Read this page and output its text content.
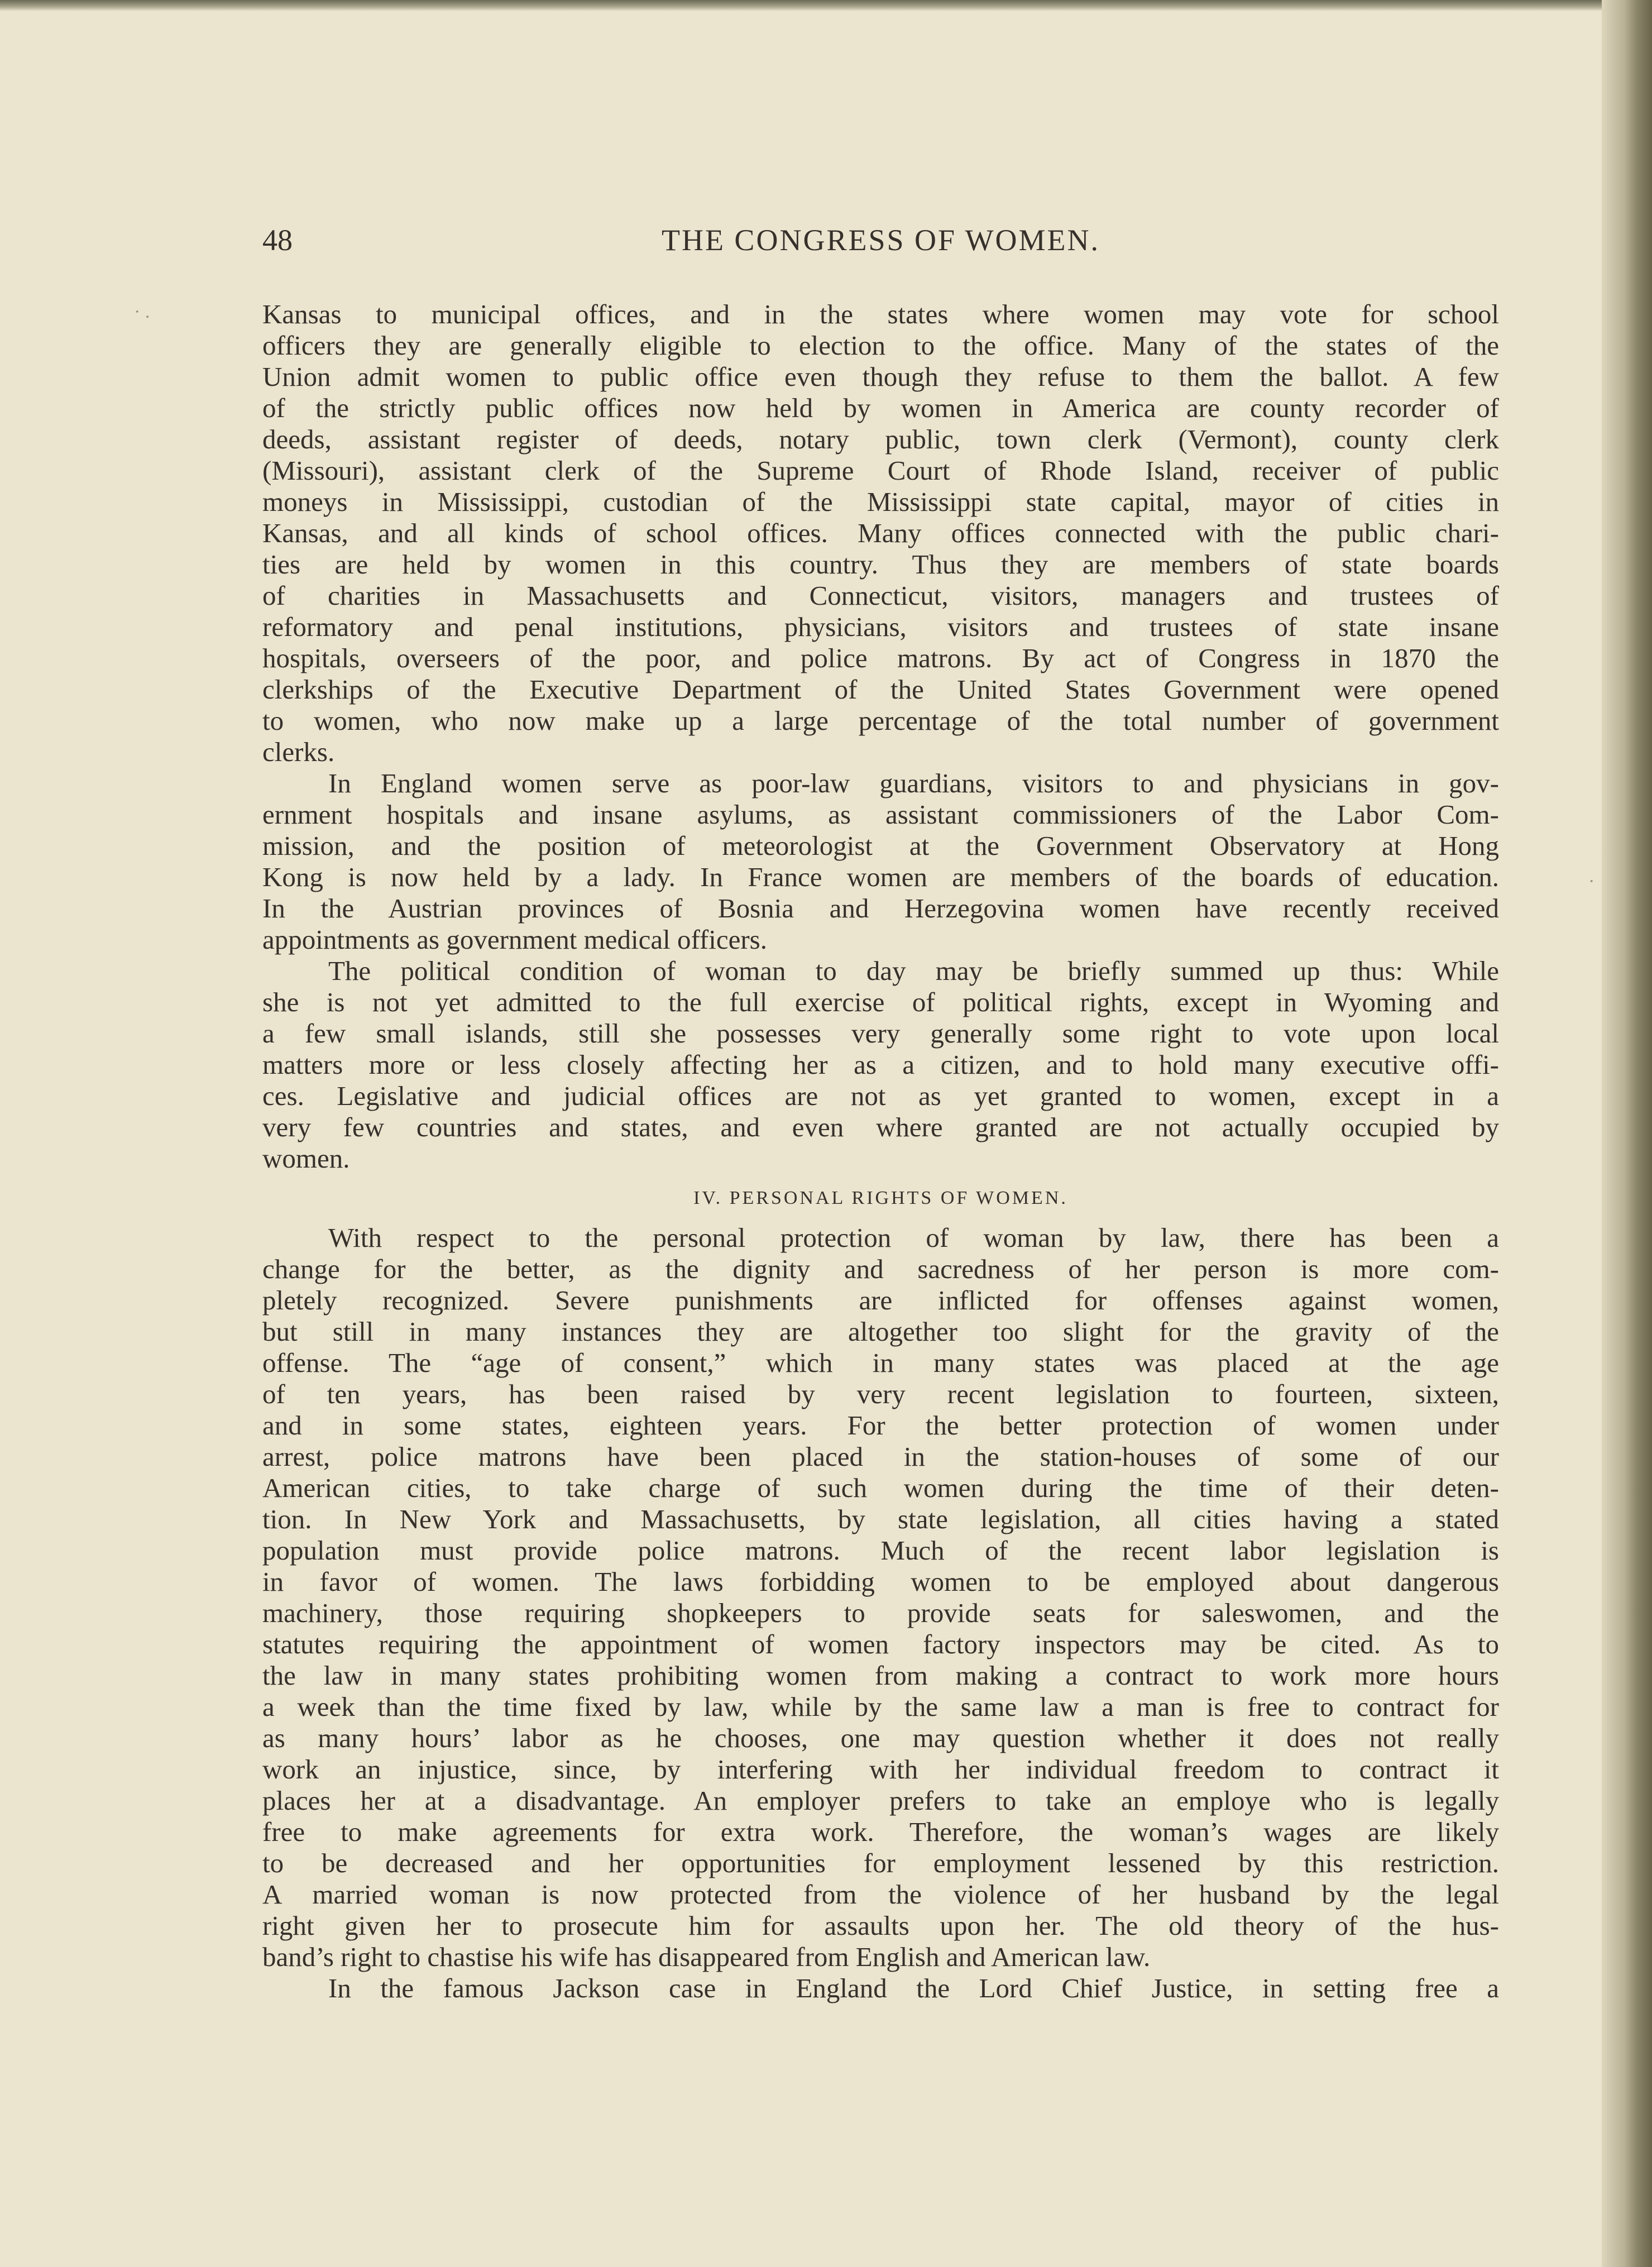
· .
·
48	THE CONGRESS OF WOMEN.
Kansas to municipal offices, and in the states where women may vote for school
officers they are generally eligible to election to the office. Many of the states of the
Union admit women to public office even though they refuse to them the ballot. A few
of the strictly public offices now held by women in America are county recorder of
deeds, assistant register of deeds, notary public, town clerk (Vermont), county clerk
(Missouri), assistant clerk of the Supreme Court of Rhode Island, receiver of public
moneys in Mississippi, custodian of the Mississippi state capital, mayor of cities in
Kansas, and all kinds of school offices. Many offices connected with the public chari-
ties are held by women in this country. Thus they are members of state boards
of charities in Massachusetts and Connecticut, visitors, managers and trustees of
reformatory and penal institutions, physicians, visitors and trustees of state insane
hospitals, overseers of the poor, and police matrons. By act of Congress in 1870 the
clerkships of the Executive Department of the United States Government were opened
to women, who now make up a large percentage of the total number of government
clerks.
In England women serve as poor-law guardians, visitors to and physicians in gov-
ernment hospitals and insane asylums, as assistant commissioners of the Labor Com-
mission, and the position of meteorologist at the Government Observatory at Hong
Kong is now held by a lady. In France women are members of the boards of education.
In the Austrian provinces of Bosnia and Herzegovina women have recently received
appointments as government medical officers.
The political condition of woman to day may be briefly summed up thus: While
she is not yet admitted to the full exercise of political rights, except in Wyoming and
a few small islands, still she possesses very generally some right to vote upon local
matters more or less closely affecting her as a citizen, and to hold many executive offi-
ces. Legislative and judicial offices are not as yet granted to women, except in a
very few countries and states, and even where granted are not actually occupied by
women.
IV. PERSONAL RIGHTS OF WOMEN.
With respect to the personal protection of woman by law, there has been a
change for the better, as the dignity and sacredness of her person is more com-
pletely recognized. Severe punishments are inflicted for offenses against women,
but still in many instances they are altogether too slight for the gravity of the
offense. The “age of consent,” which in many states was placed at the age
of ten years, has been raised by very recent legislation to fourteen, sixteen,
and in some states, eighteen years. For the better protection of women under
arrest, police matrons have been placed in the station-houses of some of our
American cities, to take charge of such women during the time of their deten-
tion. In New York and Massachusetts, by state legislation, all cities having a stated
population must provide police matrons. Much of the recent labor legislation is
in favor of women. The laws forbidding women to be employed about dangerous
machinery, those requiring shopkeepers to provide seats for saleswomen, and the
statutes requiring the appointment of women factory inspectors may be cited. As to
the law in many states prohibiting women from making a contract to work more hours
a week than the time fixed by law, while by the same law a man is free to contract for
as many hours’ labor as he chooses, one may question whether it does not really
work an injustice, since, by interfering with her individual freedom to contract it
places her at a disadvantage. An employer prefers to take an employe who is legally
free to make agreements for extra work. Therefore, the woman’s wages are likely
to be decreased and her opportunities for employment lessened by this restriction.
A married woman is now protected from the violence of her husband by the legal
right given her to prosecute him for assaults upon her. The old theory of the hus-
band’s right to chastise his wife has disappeared from English and American law.
In the famous Jackson case in England the Lord Chief Justice, in setting free a
